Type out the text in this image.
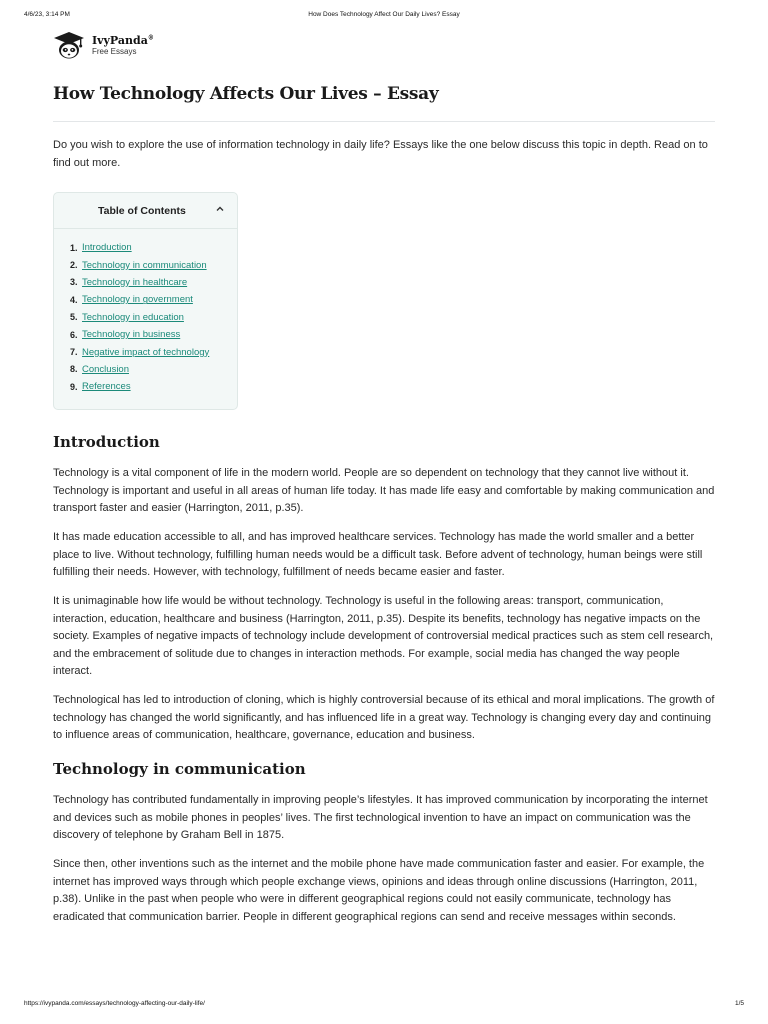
4/6/23, 3:14 PM	How Does Technology Affect Our Daily Lives? Essay
IvyPanda®
Free Essays
How Technology Affects Our Lives – Essay

Do you wish to explore the use of information technology in daily life? Essays like the one below discuss this topic in depth. Read on to find out more.

Table of Contents
1. Introduction
2. Technology in communication
3. Technology in healthcare
4. Technology in government
5. Technology in education
6. Technology in business
7. Negative impact of technology
8. Conclusion
9. References
Introduction

Technology is a vital component of life in the modern world. People are so dependent on technology that they cannot live without it. Technology is important and useful in all areas of human life today. It has made life easy and comfortable by making communication and transport faster and easier (Harrington, 2011, p.35).

It has made education accessible to all, and has improved healthcare services. Technology has made the world smaller and a better place to live. Without technology, fulfilling human needs would be a difficult task. Before advent of technology, human beings were still fulfilling their needs. However, with technology, fulfillment of needs became easier and faster.

It is unimaginable how life would be without technology. Technology is useful in the following areas: transport, communication, interaction, education, healthcare and business (Harrington, 2011, p.35). Despite its benefits, technology has negative impacts on the society. Examples of negative impacts of technology include development of controversial medical practices such as stem cell research, and the embracement of solitude due to changes in interaction methods. For example, social media has changed the way people interact.

Technological has led to introduction of cloning, which is highly controversial because of its ethical and moral implications. The growth of technology has changed the world significantly, and has influenced life in a great way. Technology is changing every day and continuing to influence areas of communication, healthcare, governance, education and business.

Technology in communication

Technology has contributed fundamentally in improving people’s lifestyles. It has improved communication by incorporating the internet and devices such as mobile phones in peoples’ lives. The first technological invention to have an impact on communication was the discovery of telephone by Graham Bell in 1875.

Since then, other inventions such as the internet and the mobile phone have made communication faster and easier. For example, the internet has improved ways through which people exchange views, opinions and ideas through online discussions (Harrington, 2011, p.38). Unlike in the past when people who were in different geographical regions could not easily communicate, technology has eradicated that communication barrier. People in different geographical regions can send and receive messages within seconds.

https://ivypanda.com/essays/technology-affecting-our-daily-life/	1/5
